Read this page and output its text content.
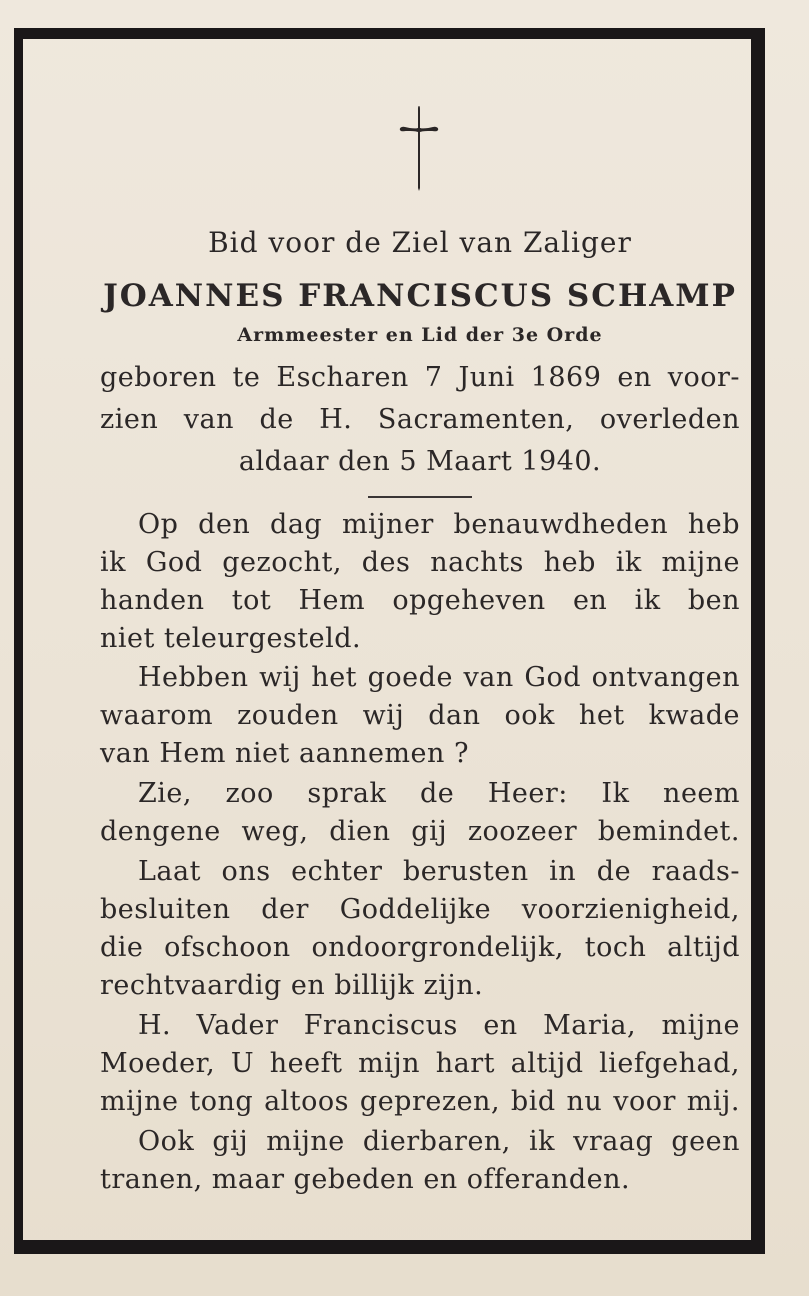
Bid voor de Ziel van Zaliger

JOANNES FRANCISCUS SCHAMP

Armmeester en Lid der 3e Orde

geboren te Escharen 7 Juni 1869 en voor-

zien van de H. Sacramenten, overleden

aldaar den 5 Maart 1940.

Op den dag mijner benauwdheden heb

ik God gezocht, des nachts heb ik mijne

handen tot Hem opgeheven en ik ben

niet teleurgesteld.

Hebben wij het goede van God ontvangen

waarom zouden wij dan ook het kwade

van Hem niet aannemen ?

Zie, zoo sprak de Heer: Ik neem

dengene weg, dien gij zoozeer bemindet.

Laat ons echter berusten in de raads-

besluiten der Goddelijke voorzienigheid,

die ofschoon ondoorgrondelijk, toch altijd

rechtvaardig en billijk zijn.

H. Vader Franciscus en Maria, mijne

Moeder, U heeft mijn hart altijd liefgehad,

mijne tong altoos geprezen, bid nu voor mij.

Ook gij mijne dierbaren, ik vraag geen

tranen, maar gebeden en offeranden.
